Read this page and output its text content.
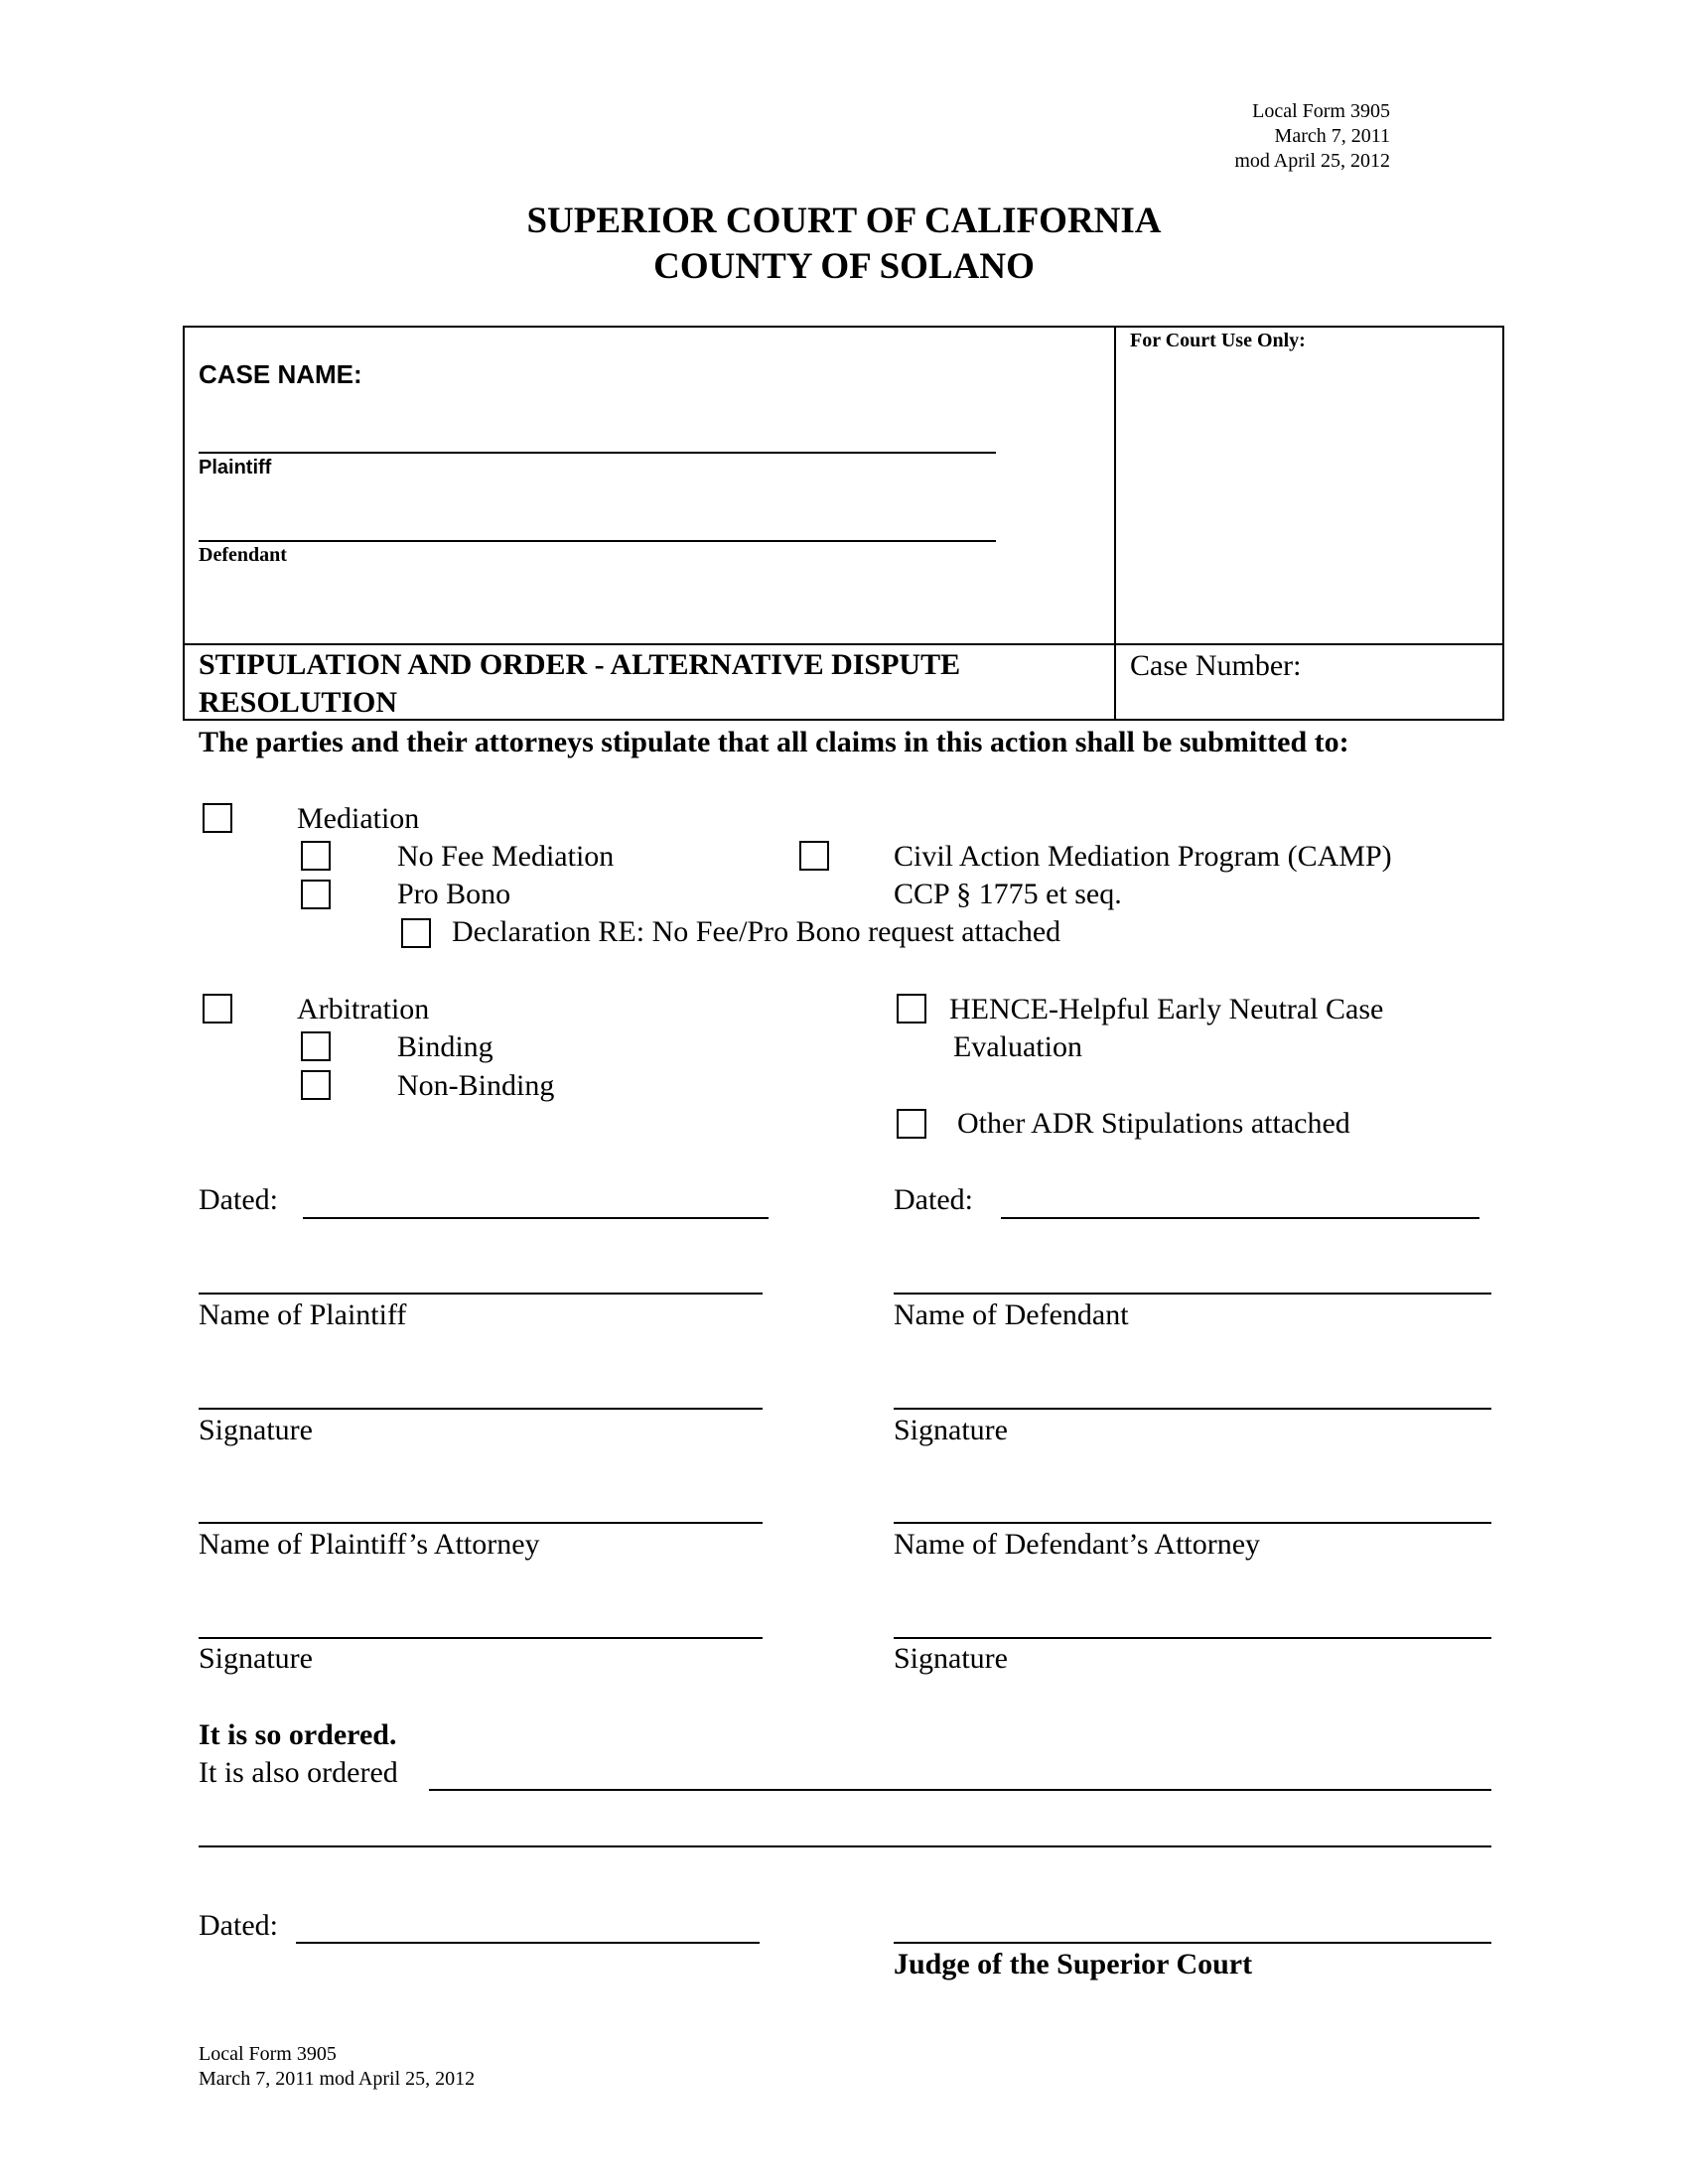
Local Form 3905
March 7, 2011
mod April 25, 2012
SUPERIOR COURT OF CALIFORNIA
COUNTY OF SOLANO
CASE NAME:
Plaintiff
Defendant
For Court Use Only:
STIPULATION AND ORDER - ALTERNATIVE DISPUTE RESOLUTION
Case Number:
The parties and their attorneys stipulate that all claims in this action shall be submitted to:
Mediation
No Fee Mediation
Pro Bono
Declaration RE: No Fee/Pro Bono request attached
Civil Action Mediation Program (CAMP)
CCP § 1775 et seq.
Arbitration
Binding
Non-Binding
HENCE-Helpful Early Neutral Case
Evaluation
Other ADR Stipulations attached
Dated:	Dated:
Name of Plaintiff	Name of Defendant
Signature	Signature
Name of Plaintiff’s Attorney	Name of Defendant’s Attorney
Signature	Signature
It is so ordered.
It is also ordered
Dated:
Judge of the Superior Court
Local Form 3905
March 7, 2011 mod April 25, 2012
